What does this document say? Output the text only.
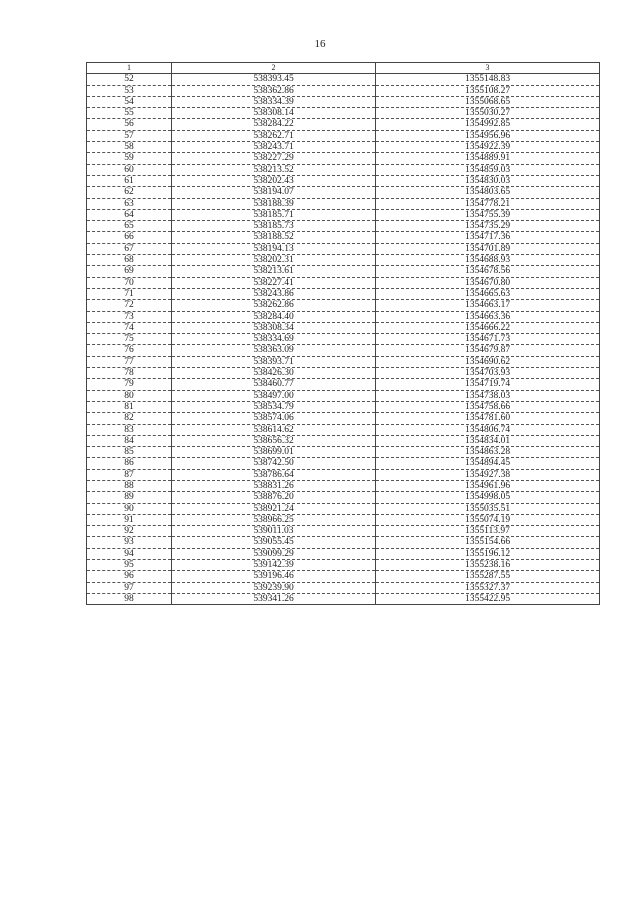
16
1	2	3
52	538393.45	1355148.83
53	538362.86	1355108.27
54	538334.39	1355068.65
55	538308.14	1355030.27
56	538284.22	1354992.85
57	538262.71	1354956.96
58	538243.71	1354922.39
59	538227.29	1354889.91
60	538213.52	1354859.03
61	538202.43	1354830.03
62	538194.07	1354803.65
63	538188.39	1354778.21
64	538185.71	1354755.39
65	538185.73	1354735.29
66	538188.52	1354717.36
67	538194.13	1354701.89
68	538202.31	1354688.93
69	538213.61	1354678.56
70	538227.41	1354670.80
71	538243.86	1354665.63
72	538262.86	1354663.17
73	538284.40	1354663.36
74	538308.34	1354666.22
75	538334.69	1354671.73
76	538363.09	1354679.87
77	538393.71	1354690.62
78	538426.30	1354703.93
79	538460.77	1354719.74
80	538497.00	1354738.03
81	538534.79	1354758.66
82	538574.06	1354781.60
83	538614.62	1354806.74
84	538656.32	1354834.01
85	538699.01	1354863.28
86	538742.50	1354894.45
87	538786.64	1354927.38
88	538831.26	1354961.96
89	538876.20	1354998.05
90	538921.24	1355035.51
91	538966.25	1355074.19
92	539011.03	1355113.97
93	539055.45	1355154.66
94	539099.29	1355196.12
95	539142.39	1355238.16
96	539196.46	1355287.55
97	539239.90	1355327.37
98	539341.26	1355422.95
